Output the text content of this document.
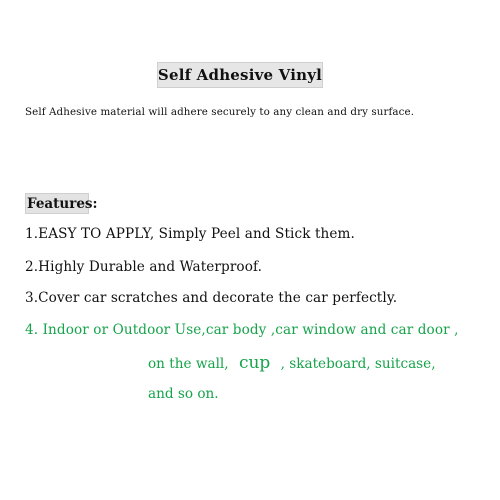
Self Adhesive Vinyl
Self Adhesive material will adhere securely to any clean and dry surface.
Features:
1.EASY TO APPLY, Simply Peel and Stick them.
2.Highly Durable and Waterproof.
3.Cover car scratches and decorate the car perfectly.
4. Indoor or Outdoor Use,car body ,car window and car door ,
on the wall, cup , skateboard, suitcase,
and so on.
